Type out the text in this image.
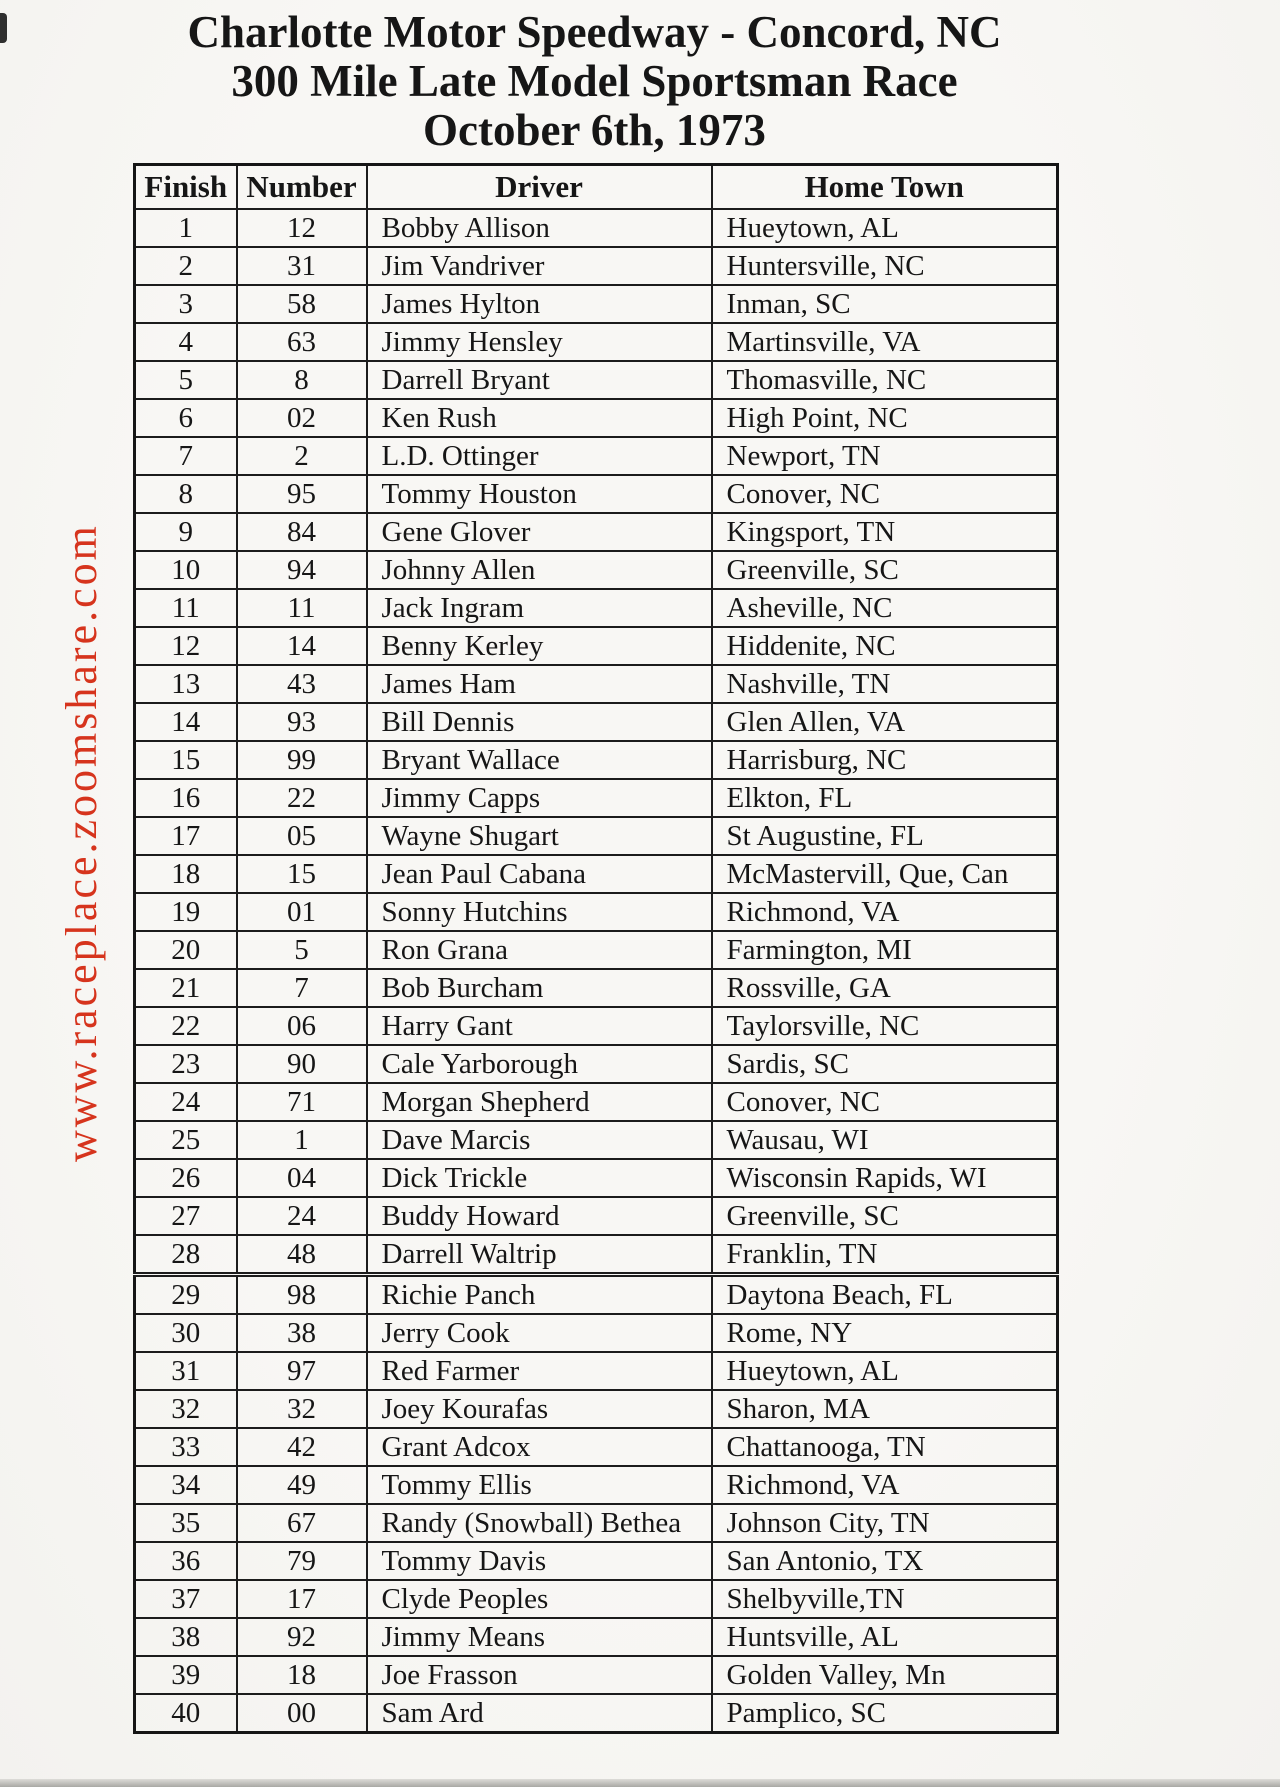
www.raceplace.zoomshare.com
Charlotte Motor Speedway - Concord, NC
300 Mile Late Model Sportsman Race
October 6th, 1973
Finish	Number	Driver	Home Town
1	12	Bobby Allison	Hueytown, AL
2	31	Jim Vandriver	Huntersville, NC
3	58	James Hylton	Inman, SC
4	63	Jimmy Hensley	Martinsville, VA
5	8	Darrell Bryant	Thomasville, NC
6	02	Ken Rush	High Point, NC
7	2	L.D. Ottinger	Newport, TN
8	95	Tommy Houston	Conover, NC
9	84	Gene Glover	Kingsport, TN
10	94	Johnny Allen	Greenville, SC
11	11	Jack Ingram	Asheville, NC
12	14	Benny Kerley	Hiddenite, NC
13	43	James Ham	Nashville, TN
14	93	Bill Dennis	Glen Allen, VA
15	99	Bryant Wallace	Harrisburg, NC
16	22	Jimmy Capps	Elkton, FL
17	05	Wayne Shugart	St Augustine, FL
18	15	Jean Paul Cabana	McMastervill, Que, Can
19	01	Sonny Hutchins	Richmond, VA
20	5	Ron Grana	Farmington, MI
21	7	Bob Burcham	Rossville, GA
22	06	Harry Gant	Taylorsville, NC
23	90	Cale Yarborough	Sardis, SC
24	71	Morgan Shepherd	Conover, NC
25	1	Dave Marcis	Wausau, WI
26	04	Dick Trickle	Wisconsin Rapids, WI
27	24	Buddy Howard	Greenville, SC
28	48	Darrell Waltrip	Franklin, TN
29	98	Richie Panch	Daytona Beach, FL
30	38	Jerry Cook	Rome, NY
31	97	Red Farmer	Hueytown, AL
32	32	Joey Kourafas	Sharon, MA
33	42	Grant Adcox	Chattanooga, TN
34	49	Tommy Ellis	Richmond, VA
35	67	Randy (Snowball) Bethea	Johnson City, TN
36	79	Tommy Davis	San Antonio, TX
37	17	Clyde Peoples	Shelbyville,TN
38	92	Jimmy Means	Huntsville, AL
39	18	Joe Frasson	Golden Valley, Mn
40	00	Sam Ard	Pamplico, SC
